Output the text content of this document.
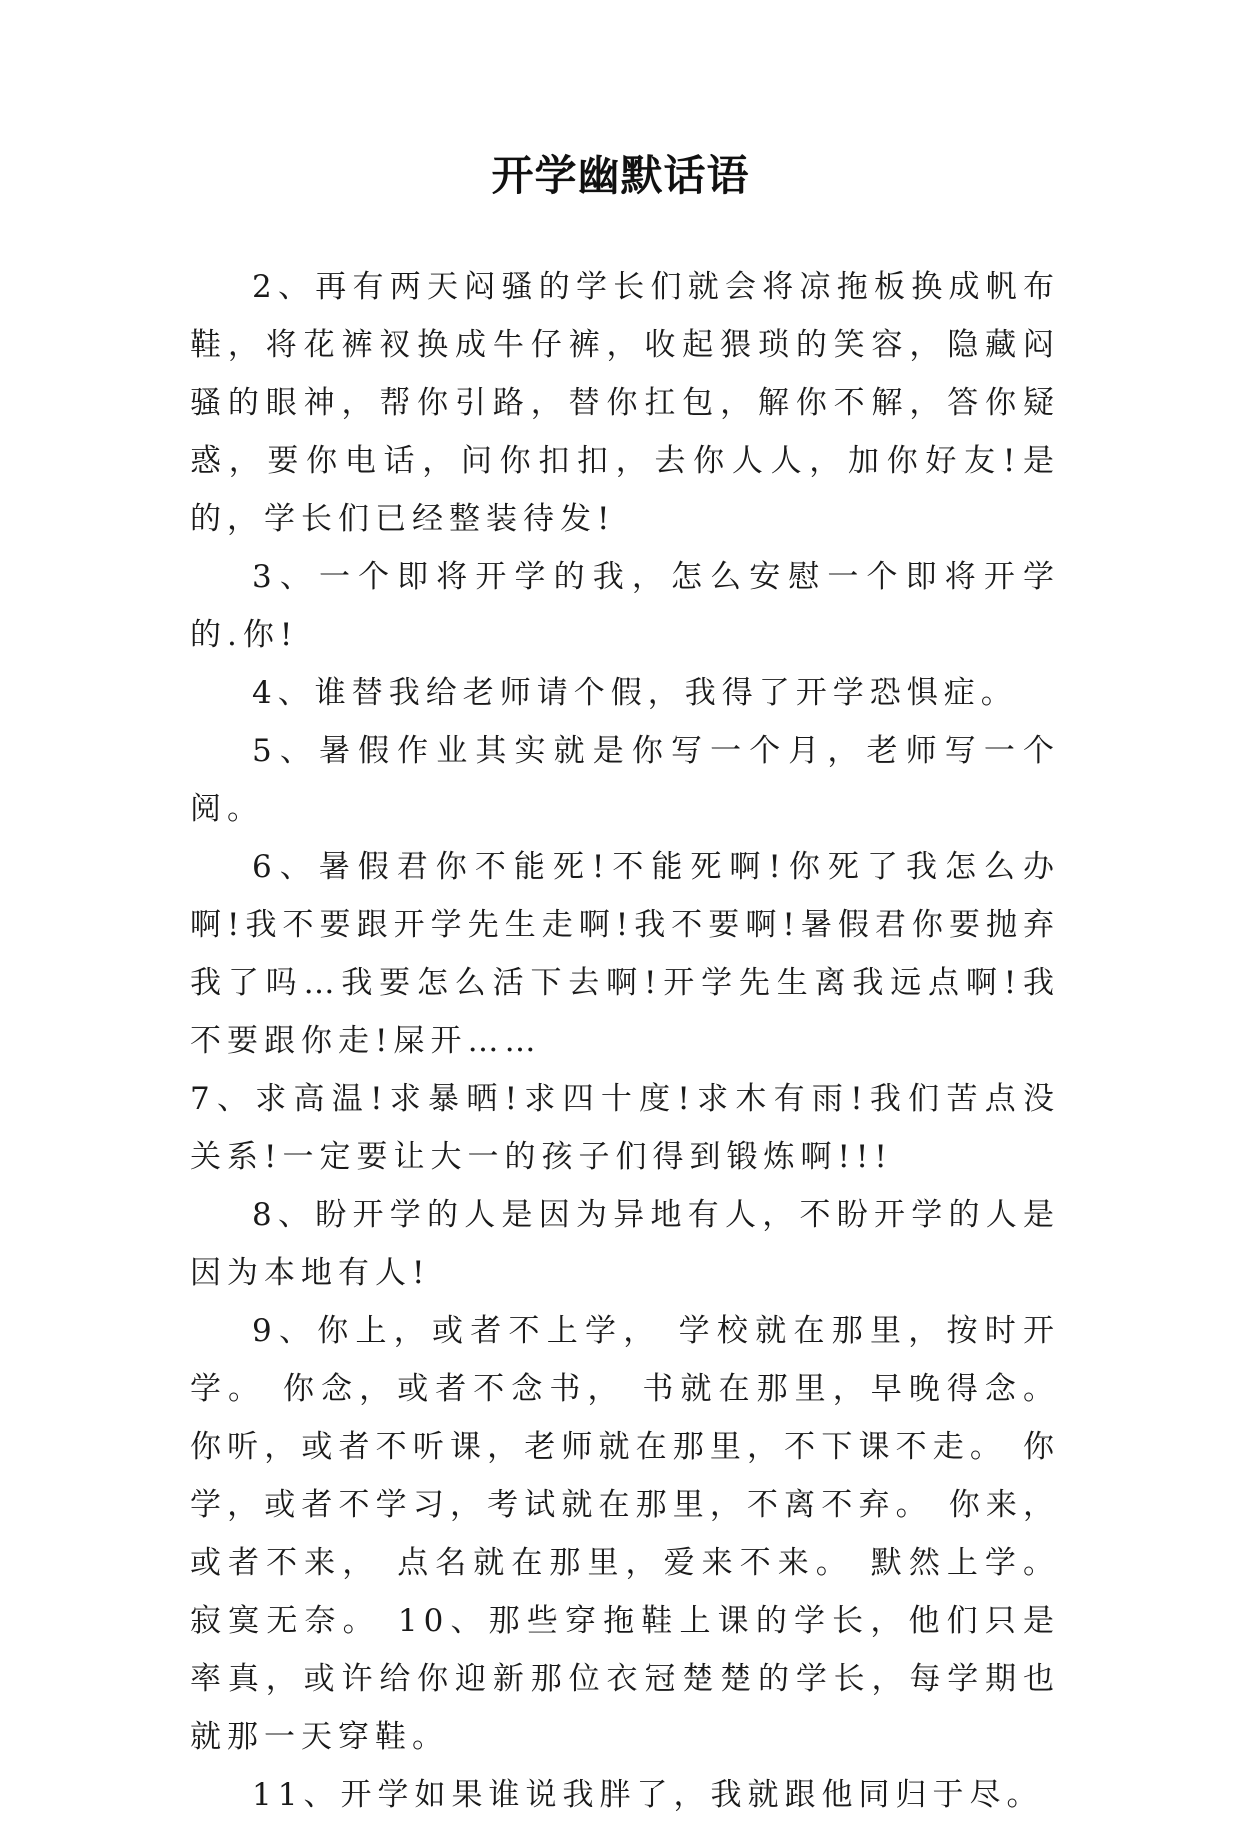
开学幽默话语

2、再有两天闷骚的学长们就会将凉拖板换成帆布鞋，将花裤衩换成牛仔裤，收起猥琐的笑容，隐藏闷骚的眼神，帮你引路，替你扛包，解你不解，答你疑惑，要你电话，问你扣扣，去你人人，加你好友!是的，学长们已经整装待发!

3、一个即将开学的我，怎么安慰一个即将开学的.你!

4、谁替我给老师请个假，我得了开学恐惧症。

5、暑假作业其实就是你写一个月，老师写一个阅。

6、暑假君你不能死!不能死啊!你死了我怎么办啊!我不要跟开学先生走啊!我不要啊!暑假君你要抛弃我了吗…我要怎么活下去啊!开学先生离我远点啊!我不要跟你走!屎开……

7、求高温!求暴晒!求四十度!求木有雨!我们苦点没关系!一定要让大一的孩子们得到锻炼啊!!!

8、盼开学的人是因为异地有人，不盼开学的人是因为本地有人!

9、你上，或者不上学， 学校就在那里，按时开学。 你念，或者不念书， 书就在那里，早晚得念。 你听，或者不听课，老师就在那里，不下课不走。 你学，或者不学习，考试就在那里，不离不弃。 你来，或者不来， 点名就在那里，爱来不来。 默然上学。 寂寞无奈。 10、那些穿拖鞋上课的学长，他们只是率真，或许给你迎新那位衣冠楚楚的学长，每学期也就那一天穿鞋。

11、开学如果谁说我胖了，我就跟他同归于尽。
